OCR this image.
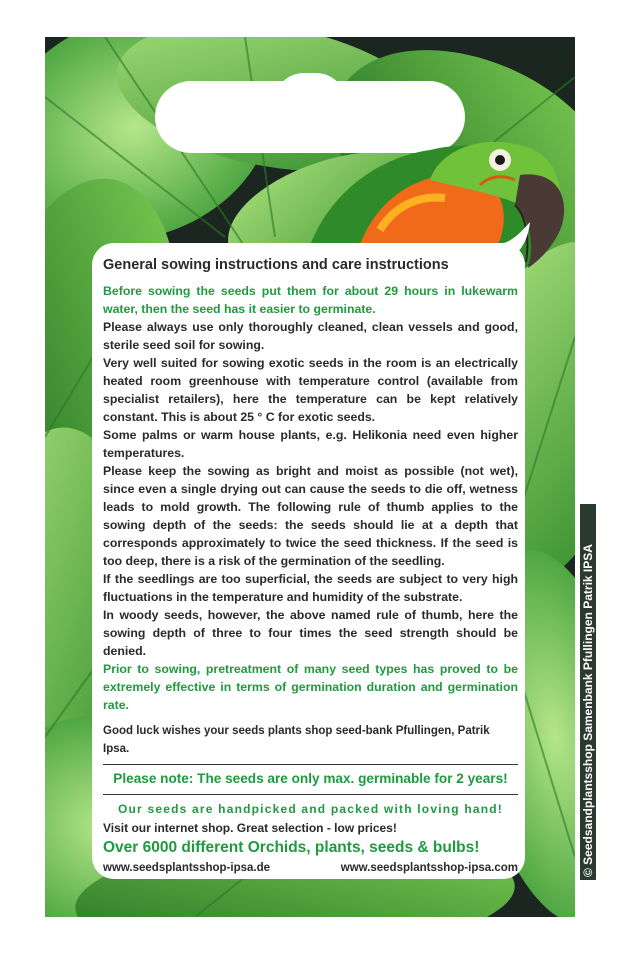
General sowing instructions and care instructions

Before sowing the seeds put them for about 29 hours in lukewarm water, then the seed has it easier to germinate.

Please always use only thoroughly cleaned, clean vessels and good, sterile seed soil for sowing.

Very well suited for sowing exotic seeds in the room is an electrically heated room greenhouse with temperature control (available from specialist retailers), here the temperature can be kept relatively constant. This is about 25 ° C for exotic seeds.

Some palms or warm house plants, e.g. Helikonia need even higher temperatures.

Please keep the sowing as bright and moist as possible (not wet), since even a single drying out can cause the seeds to die off, wetness leads to mold growth. The following rule of thumb applies to the sowing depth of the seeds: the seeds should lie at a depth that corresponds approximately to twice the seed thickness. If the seed is too deep, there is a risk of the germination of the seedling.

If the seedlings are too superficial, the seeds are subject to very high fluctuations in the temperature and humidity of the substrate.

In woody seeds, however, the above named rule of thumb, here the sowing depth of three to four times the seed strength should be denied.

Prior to sowing, pretreatment of many seed types has proved to be extremely effective in terms of germination duration and germination rate.

Good luck wishes your seeds plants shop seed-bank Pfullingen, Patrik Ipsa.
Please note: The seeds are only max. germinable for 2 years!
Our seeds are handpicked and packed with loving hand!
Visit our internet shop. Great selection - low prices!
Over 6000 different Orchids, plants, seeds & bulbs!
www.seedsplantsshop-ipsa.de	www.seedsplantsshop-ipsa.com	© Seedsandplantsshop Samenbank Pfullingen Patrik IPSA
